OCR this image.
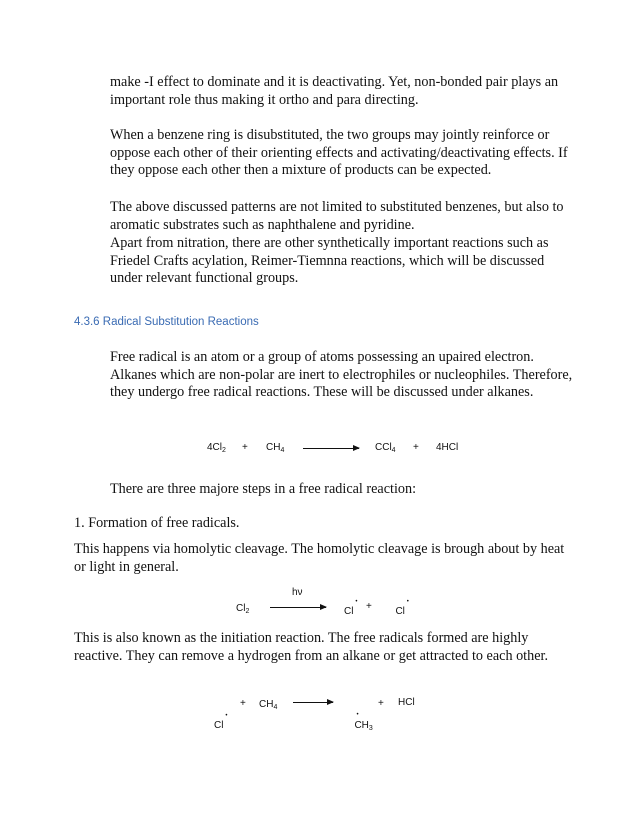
make -I effect to dominate and it is deactivating. Yet, non-bonded pair plays an important role thus making it ortho and para directing.

When a benzene ring is disubstituted, the two groups may jointly reinforce or oppose each other of their orienting effects and activating/deactivating effects. If they oppose each other then a mixture of products can be expected.

The above discussed patterns are not limited to substituted benzenes, but also to aromatic substrates such as naphthalene and pyridine.

Apart from nitration, there are other synthetically important reactions such as Friedel Crafts acylation, Reimer-Tiemnna reactions, which will be discussed under relevant functional groups.

4.3.6 Radical Substitution Reactions

Free radical is an atom or a group of atoms possessing an upaired electron. Alkanes which are non-polar are inert to electrophiles or nucleophiles. Therefore, they undergo free radical reactions. These will be discussed under alkanes.

$4Cl_2 + CH_4$	CCl$_4$ + 4HCl

There are three majore steps in a free radical reaction:

1. Formation of free radicals.

This happens via homolytic cleavage. The homolytic cleavage is brough about by heat or light in general.

hν
$Cl_2$	$_{Cl}$ • + $_{Cl}$ •

This is also known as the initiation reaction. The free radicals formed are highly reactive. They can remove a hydrogen from an alkane or get attracted to each other.

$_{Cl}$ •
+ $CH_4$
• $_{CH_3}$
+ HCl
